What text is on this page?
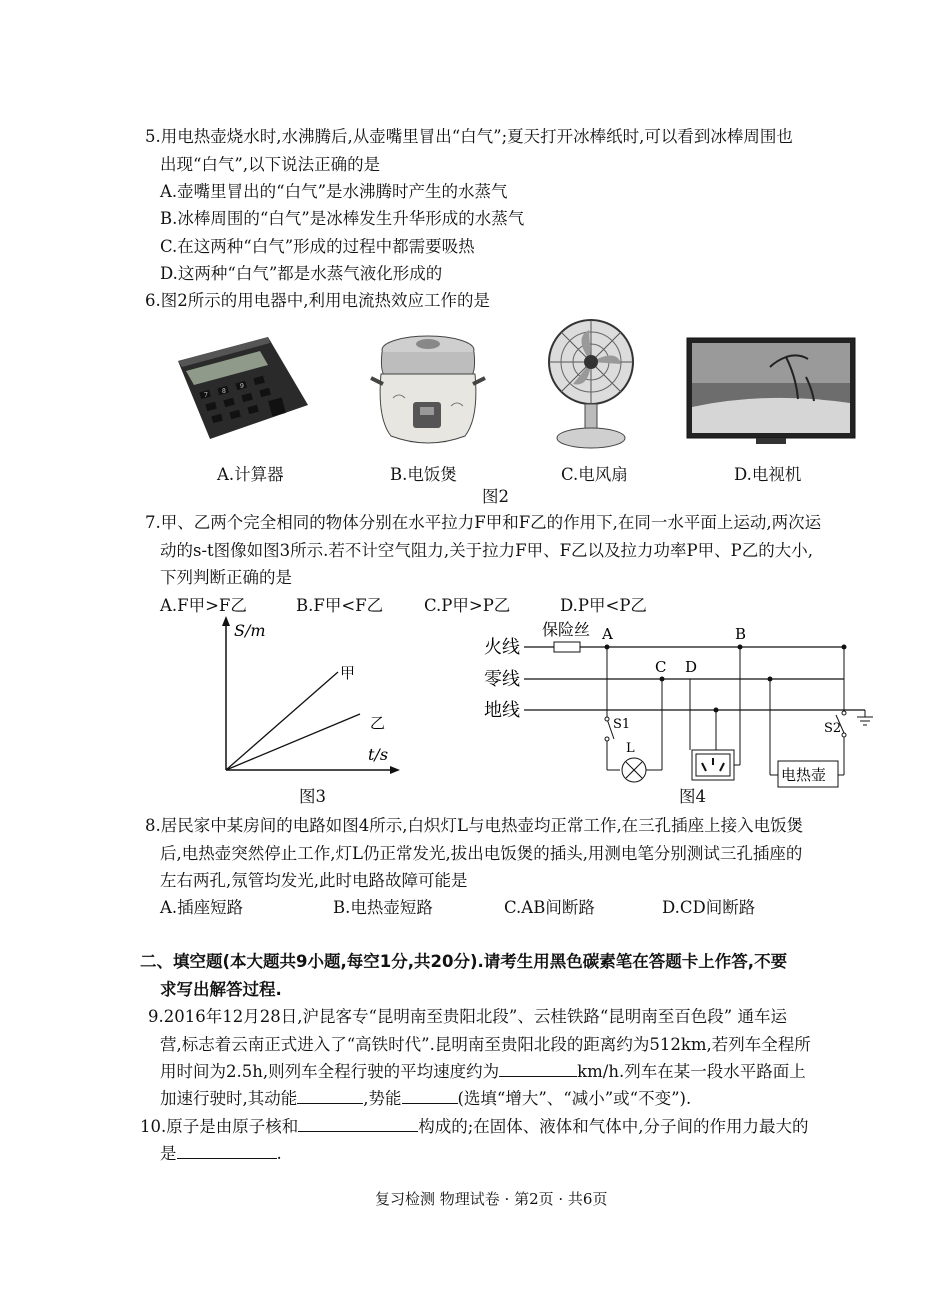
5.用电热壶烧水时,水沸腾后,从壶嘴里冒出“白气”;夏天打开冰棒纸时,可以看到冰棒周围也
出现“白气”,以下说法正确的是
A.壶嘴里冒出的“白气”是水沸腾时产生的水蒸气
B.冰棒周围的“白气”是冰棒发生升华形成的水蒸气
C.在这两种“白气”形成的过程中都需要吸热
D.这两种“白气”都是水蒸气液化形成的
6.图2所示的用电器中,利用电流热效应工作的是
7
8
9
A.计算器	B.电饭煲	C.电风扇	D.电视机
图2
7.甲、乙两个完全相同的物体分别在水平拉力F甲和F乙的作用下,在同一水平面上运动,两次运
动的s-t图像如图3所示.若不计空气阻力,关于拉力F甲、F乙以及拉力功率P甲、P乙的大小,
下列判断正确的是
A.F甲>F乙	B.F甲<F乙 C.P甲>P乙	D.P甲<P乙
S/m
t/s
甲
乙
图3
火线
零线
地线
保险丝 A	B
C D
S1
L
S2
电热壶
图4
8.居民家中某房间的电路如图4所示,白炽灯L与电热壶均正常工作,在三孔插座上接入电饭煲
后,电热壶突然停止工作,灯L仍正常发光,拔出电饭煲的插头,用测电笔分别测试三孔插座的
左右两孔,氖管均发光,此时电路故障可能是
A.插座短路	B.电热壶短路	C.AB间断路	D.CD间断路
二、填空题(本大题共9小题,每空1分,共20分).请考生用黑色碳素笔在答题卡上作答,不要
求写出解答过程.
9.2016年12月28日,沪昆客专“昆明南至贵阳北段”、云桂铁路“昆明南至百色段” 通车运
营,标志着云南正式进入了“高铁时代”.昆明南至贵阳北段的距离约为512km,若列车全程所
用时间为2.5h,则列车全程行驶的平均速度约为	km/h.列车在某一段水平路面上
加速行驶时,其动能	,势能	(选填“增大”、“减小”或“不变”).
10.原子是由原子核和	构成的;在固体、液体和气体中,分子间的作用力最大的
是	.
复习检测 物理试卷 · 第2页 · 共6页
